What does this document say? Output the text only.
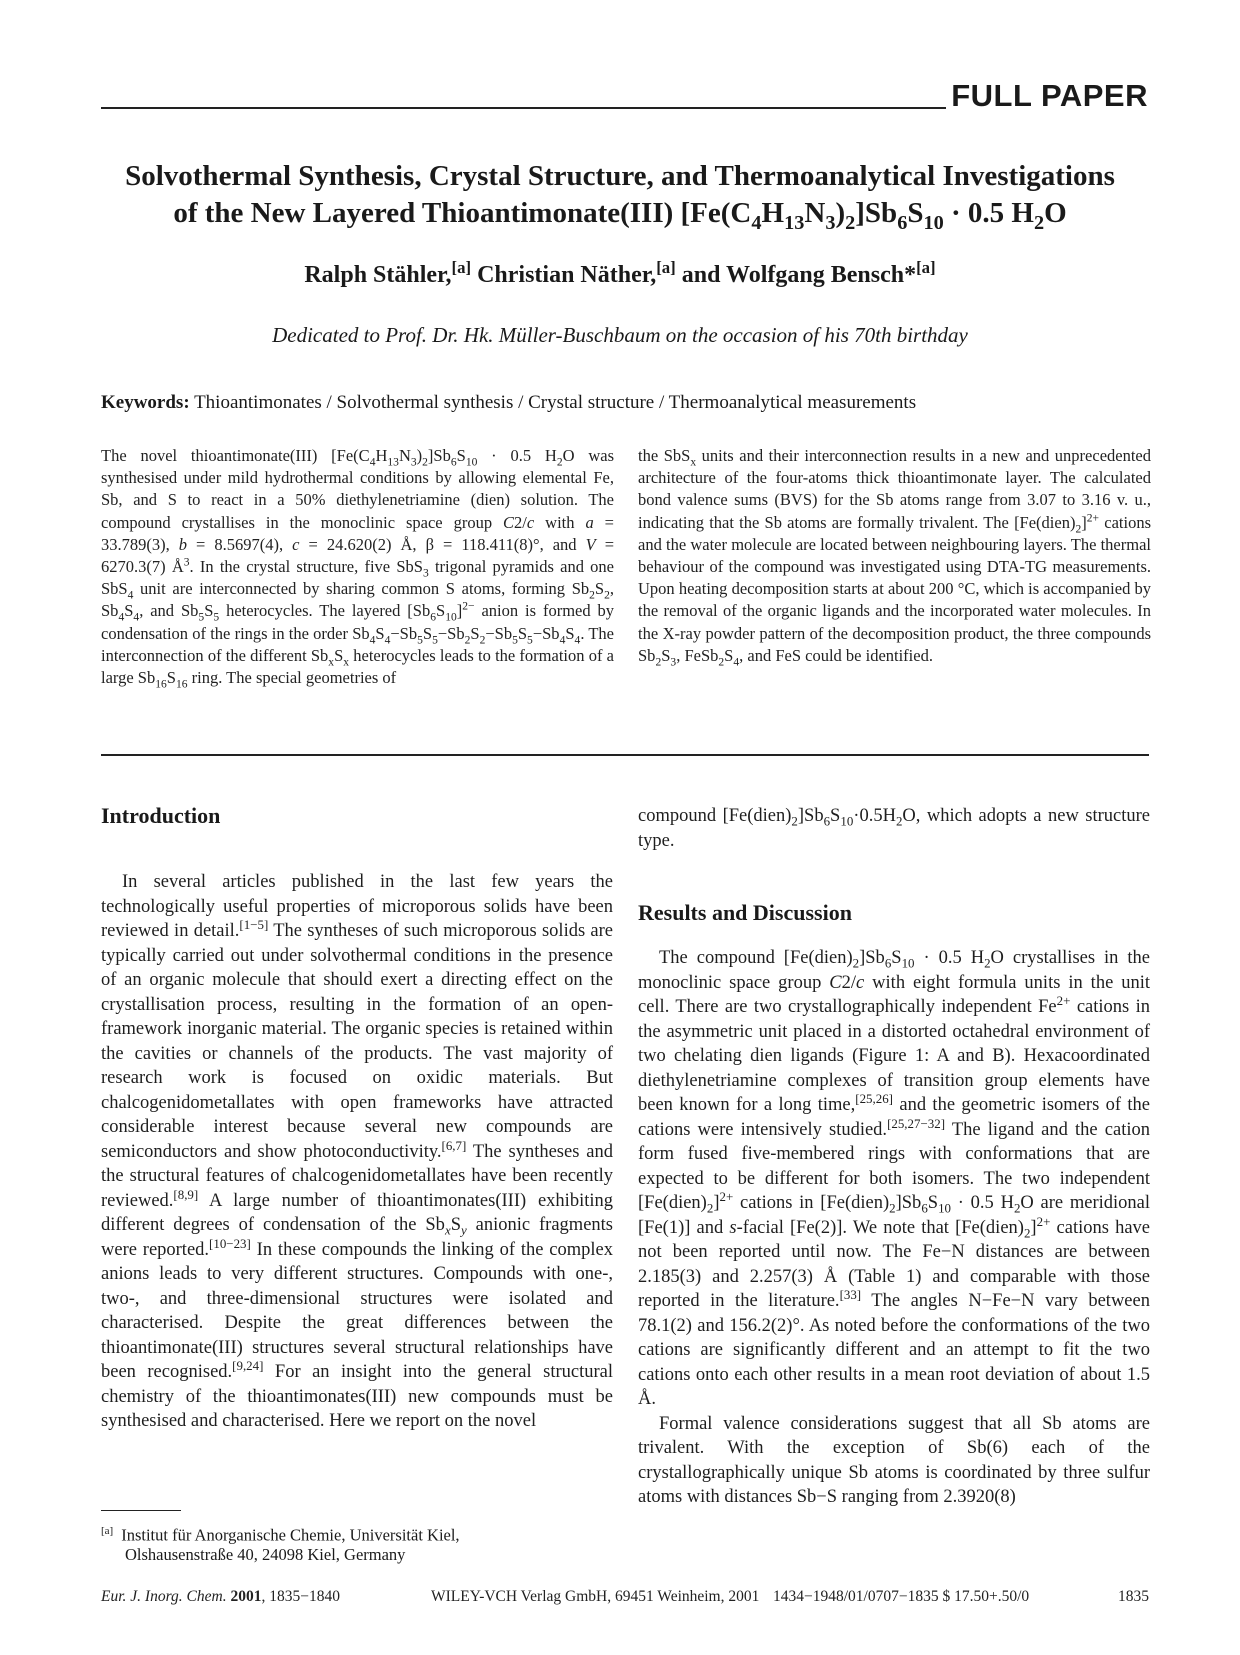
FULL PAPER
Solvothermal Synthesis, Crystal Structure, and Thermoanalytical Investigations
of the New Layered Thioantimonate(III) $[Fe(C_4H_{13}N_3)_2]Sb_6S_{10} \cdot 0.5$ $H_2O$
Ralph Stähler,[a] Christian Näther,[a] and Wolfgang Bensch*[a]
Dedicated to Prof. Dr. Hk. Müller-Buschbaum on the occasion of his 70th birthday
Keywords: Thioantimonates / Solvothermal synthesis / Crystal structure / Thermoanalytical measurements
The novel thioantimonate(III) $[Fe(C_4H_{13}N_3)_2]Sb_6S_{10} \cdot 0.5$ $H_2O$ was synthesised under mild hydrothermal conditions by allowing elemental Fe, Sb, and S to react in a 50% diethylenetriamine (dien) solution. The compound crystallises in the monoclinic space group C2/c with a = 33.789(3), b = 8.5697(4), c = 24.620(2) Å, β = 118.411(8)°, and V = 6270.3(7) $Å^3$. In the crystal structure, five SbS$_3$ trigonal pyramids and one SbS$_4$ unit are interconnected by sharing common S atoms, forming $Sb_2S_2$, $Sb_4S_4$, and $Sb_5S_5$ heterocycles. The layered $[Sb_6S_{10}]^{2-}$ anion is formed by condensation of the rings in the order $Sb_4S_4-Sb_5S_5-Sb_2S_2-Sb_5S_5-Sb_4S_4$. The interconnection of the different $Sb_xS_x$ heterocycles leads to the formation of a large $Sb_{16}S_{16}$ ring. The special geometries of
the SbS$_x$ units and their interconnection results in a new and unprecedented architecture of the four-atoms thick thioantimonate layer. The calculated bond valence sums (BVS) for the Sb atoms range from 3.07 to 3.16 v. u., indicating that the Sb atoms are formally trivalent. The $[Fe(dien)_2]^{2+}$ cations and the water molecule are located between neighbouring layers. The thermal behaviour of the compound was investigated using DTA-TG measurements. Upon heating decomposition starts at about 200 °C, which is accompanied by the removal of the organic ligands and the incorporated water molecules. In the X-ray powder pattern of the decomposition product, the three compounds $Sb_2S_3$, $FeSb_2S_4$, and FeS could be identified.
Introduction
In several articles published in the last few years the technologically useful properties of microporous solids have been reviewed in detail.[1−5] The syntheses of such microporous solids are typically carried out under solvothermal conditions in the presence of an organic molecule that should exert a directing effect on the crystallisation process, resulting in the formation of an open-framework inorganic material. The organic species is retained within the cavities or channels of the products. The vast majority of research work is focused on oxidic materials. But chalcogenidometallates with open frameworks have attracted considerable interest because several new compounds are semiconductors and show photoconductivity.[6,7] The syntheses and the structural features of chalcogenidometallates have been recently reviewed.[8,9] A large number of thioantimonates(III) exhibiting different degrees of condensation of the $Sb_xS_y$ anionic fragments were reported.[10−23] In these compounds the linking of the complex anions leads to very different structures. Compounds with one-, two-, and three-dimensional structures were isolated and characterised. Despite the great differences between the thioantimonate(III) structures several structural relationships have been recognised.[9,24] For an insight into the general structural chemistry of the thioantimonates(III) new compounds must be synthesised and characterised. Here we report on the novel
compound $[Fe(dien)_2]Sb_6S_{10}\cdot 0.5H_2O$, which adopts a new structure type.
Results and Discussion
The compound $[Fe(dien)_2]Sb_6S_{10} \cdot 0.5$ $H_2O$ crystallises in the monoclinic space group C2/c with eight formula units in the unit cell. There are two crystallographically independent $Fe^{2+}$ cations in the asymmetric unit placed in a distorted octahedral environment of two chelating dien ligands (Figure 1: A and B). Hexacoordinated diethylenetriamine complexes of transition group elements have been known for a long time,[25,26] and the geometric isomers of the cations were intensively studied.[25,27−32] The ligand and the cation form fused five-membered rings with conformations that are expected to be different for both isomers. The two independent $[Fe(dien)_2]^{2+}$ cations in $[Fe(dien)_2]Sb_6S_{10} \cdot 0.5$ $H_2O$ are meridional [Fe(1)] and s-facial [Fe(2)]. We note that $[Fe(dien)_2]^{2+}$ cations have not been reported until now. The Fe−N distances are between 2.185(3) and 2.257(3) Å (Table 1) and comparable with those reported in the literature.[33] The angles N−Fe−N vary between 78.1(2) and 156.2(2)°. As noted before the conformations of the two cations are significantly different and an attempt to fit the two cations onto each other results in a mean root deviation of about 1.5 Å.
Formal valence considerations suggest that all Sb atoms are trivalent. With the exception of Sb(6) each of the crystallographically unique Sb atoms is coordinated by three sulfur atoms with distances Sb−S ranging from 2.3920(8)
[a] Institut für Anorganische Chemie, Universität Kiel,
Olshausenstraße 40, 24098 Kiel, Germany
Eur. J. Inorg. Chem. 2001, 1835−1840	WILEY-VCH Verlag GmbH, 69451 Weinheim, 2001 1434−1948/01/0707−1835 $ 17.50+.50/0	1835
